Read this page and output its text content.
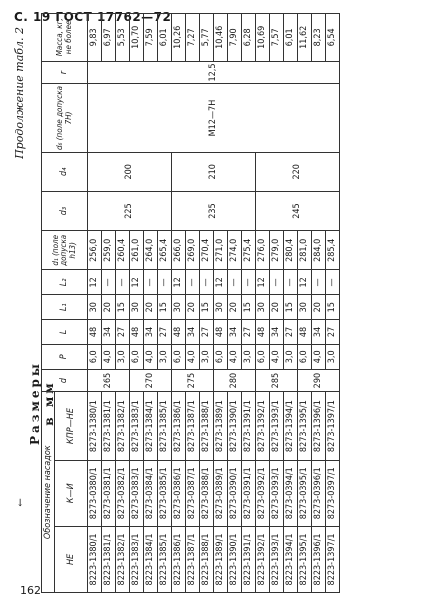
С. 19 ГОСТ 17762—72
↓
162
Продолжение табл. 2
Размеры в мм
Обозначение насадок			d	P	L	L₁	L₂	d₁ (поле допуска h13)	d₃	d₄	d₆ (поле допуска 7H)	r	Масса, кг, не более
НЕ	К—И	КПР—НЕ											
8223-1380/1	8273-0380/1	8273-1380/1	265	6,0	48	30	12	256,0	225	200	М12—7Н	12,5	9,83
8223-1381/1	8273-0381/1	8273-1381/1		4,0	34	20	—	259,0					6,97
8223-1382/1	8273-0382/1	8273-1382/1		3,0	27	15	—	260,4					5,53
8223-1383/1	8273-0383/1	8273-1383/1	270	6,0	48	30	12	261,0					10,70
8223-1384/1	8273-0384/1	8273-1384/1		4,0	34	20	—	264,0					7,59
8223-1385/1	8273-0385/1	8273-1385/1		3,0	27	15	—	265,4					6,01
8223-1386/1	8273-0386/1	8273-1386/1	275	6,0	48	30	12	266,0	235	210			10,26
8223-1387/1	8273-0387/1	8273-1387/1		4,0	34	20	—	269,0					7,27
8223-1388/1	8273-0388/1	8273-1388/1		3,0	27	15	—	270,4					5,77
8223-1389/1	8273-0389/1	8273-1389/1	280	6,0	48	30	12	271,0					10,46
8223-1390/1	8273-0390/1	8273-1390/1		4,0	34	20	—	274,0					7,90
8223-1391/1	8273-0391/1	8273-1391/1		3,0	27	15	—	275,4					6,28
8223-1392/1	8273-0392/1	8273-1392/1	285	6,0	48	30	12	276,0	245	220			10,69
8223-1393/1	8273-0393/1	8273-1393/1		4,0	34	20	—	279,0					7,57
8223-1394/1	8273-0394/1	8273-1394/1		3,0	27	15	—	280,4					6,01
8223-1395/1	8273-0395/1	8273-1395/1	290	6,0	48	30	12	281,0					11,62
8223-1396/1	8273-0396/1	8273-1396/1		4,0	34	20	—	284,0					8,23
8223-1397/1	8273-0397/1	8273-1397/1		3,0	27	15	—	285,4					6,54
